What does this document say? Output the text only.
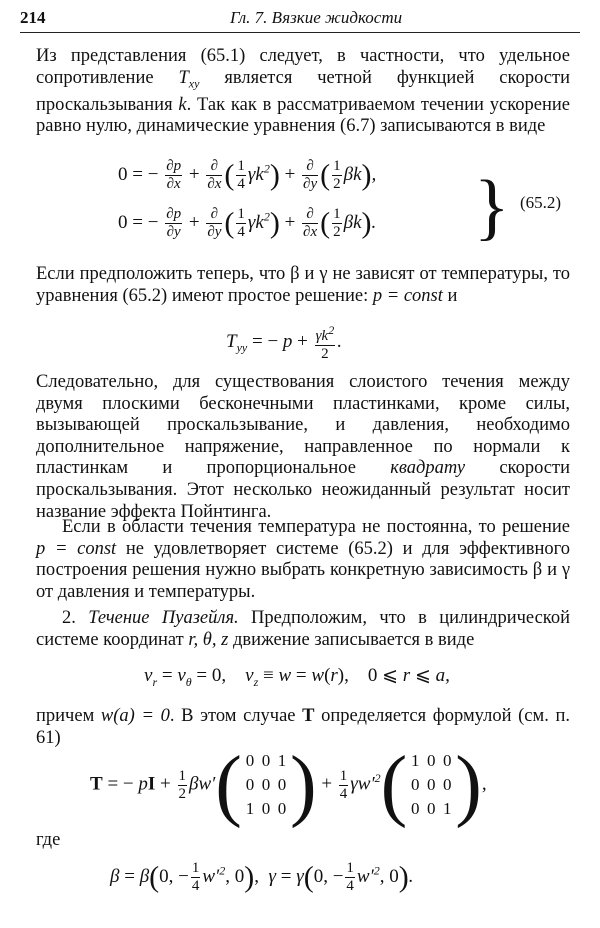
214	Гл. 7. Вязкие жидкости

Из представления (65.1) следует, в частности, что удельное сопротивление $T_{xy}$ является четной функцией скорости проскальзывания k. Так как в рассматриваемом течении ускорение равно нулю, динамические уравнения (6.7) записываются в виде

0 = − $\frac{\partial p}{\partial x} + \frac{\partial}{\partial x}$ ( $\frac{1}{4} \gamma k^2) + \frac{\partial}{\partial y}$ ( $\frac{1}{2} \beta k$),
0 = − $\frac{\partial p}{\partial y} + \frac{\partial}{\partial y}$ ( $\frac{1}{4} \gamma k^2) + \frac{\partial}{\partial x}$ ( $\frac{1}{2} \beta k$). } (65.2)

Если предположить теперь, что β и γ не зависят от температуры, то уравнения (65.2) имеют простое решение: p = const и

$T_{yy}$ = − $p + \frac{\gamma k^2}{2}$ .

Следовательно, для существования слоистого течения между двумя плоскими бесконечными пластинками, кроме силы, вызывающей проскальзывание, и давления, необходимо дополнительное напряжение, направленное по нормали к пластинкам и пропорциональное квадрату скорости проскальзывания. Этот несколько неожиданный результат носит название эффекта Пойнтинга.

Если в области течения температура не постоянна, то решение p = const не удовлетворяет системе (65.2) и для эффективного построения решения нужно выбрать конкретную зависимость β и γ от давления и температуры.

2. Течение Пуазейля. Предположим, что в цилиндрической системе координат r, θ, z движение записывается в виде

$v_r = v_\theta = 0$,    $v_z \equiv w = w(r)$, 0 ⩽ r ⩽ a,

причем w(a) = 0. В этом случае T определяется формулой (см. п. 61)

T = − pI + $\frac{1}{2} \beta w'$( 0 0 1
0 0 0
1 0 $0) + \frac{1}{4} \gamma w'^2$( 1 0 0
0 0 0
0 0 1),

где

β = β(0, − $\frac{1}{4} w'^2$, 0),  γ = γ(0, − $\frac{1}{4} w'^2$, 0).
